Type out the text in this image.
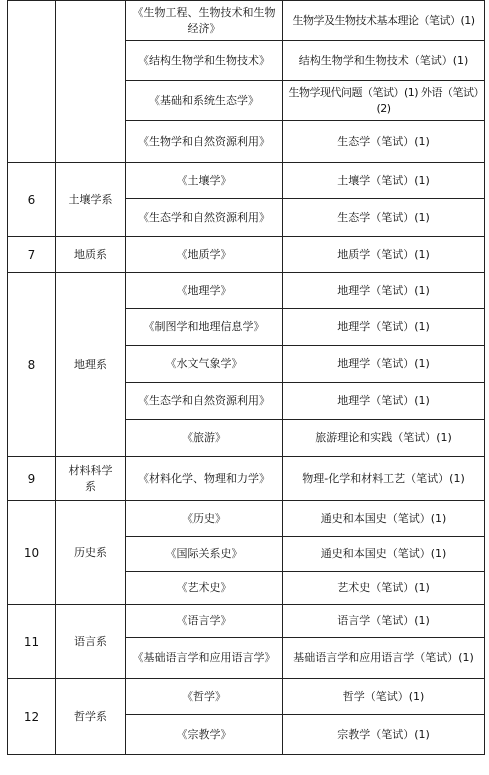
		《生物工程、生物技术和生物经济》	生物学及生物技术基本理论（笔试）(1)
		《结构生物学和生物技术》	结构生物学和生物技术（笔试）(1)
		《基础和系统生态学》	生物学现代问题（笔试）(1) 外语（笔试）(2)
		《生物学和自然资源利用》	生态学（笔试）(1)
6	土壤学系	《土壤学》	土壤学（笔试）(1)
		《生态学和自然资源利用》	生态学（笔试）(1)
7	地质系	《地质学》	地质学（笔试）(1)
8	地理系	《地理学》	地理学（笔试）(1)
		《制图学和地理信息学》	地理学（笔试）(1)
		《水文气象学》	地理学（笔试）(1)
		《生态学和自然资源利用》	地理学（笔试）(1)
		《旅游》	旅游理论和实践（笔试）(1)
9	材料科学系	《材料化学、物理和力学》	物理-化学和材料工艺（笔试）(1)
10	历史系	《历史》	通史和本国史（笔试）(1)
		《国际关系史》	通史和本国史（笔试）(1)
		《艺术史》	艺术史（笔试）(1)
11	语言系	《语言学》	语言学（笔试）(1)
		《基础语言学和应用语言学》	基础语言学和应用语言学（笔试）(1)
12	哲学系	《哲学》	哲学（笔试）(1)
		《宗教学》	宗教学（笔试）(1)
